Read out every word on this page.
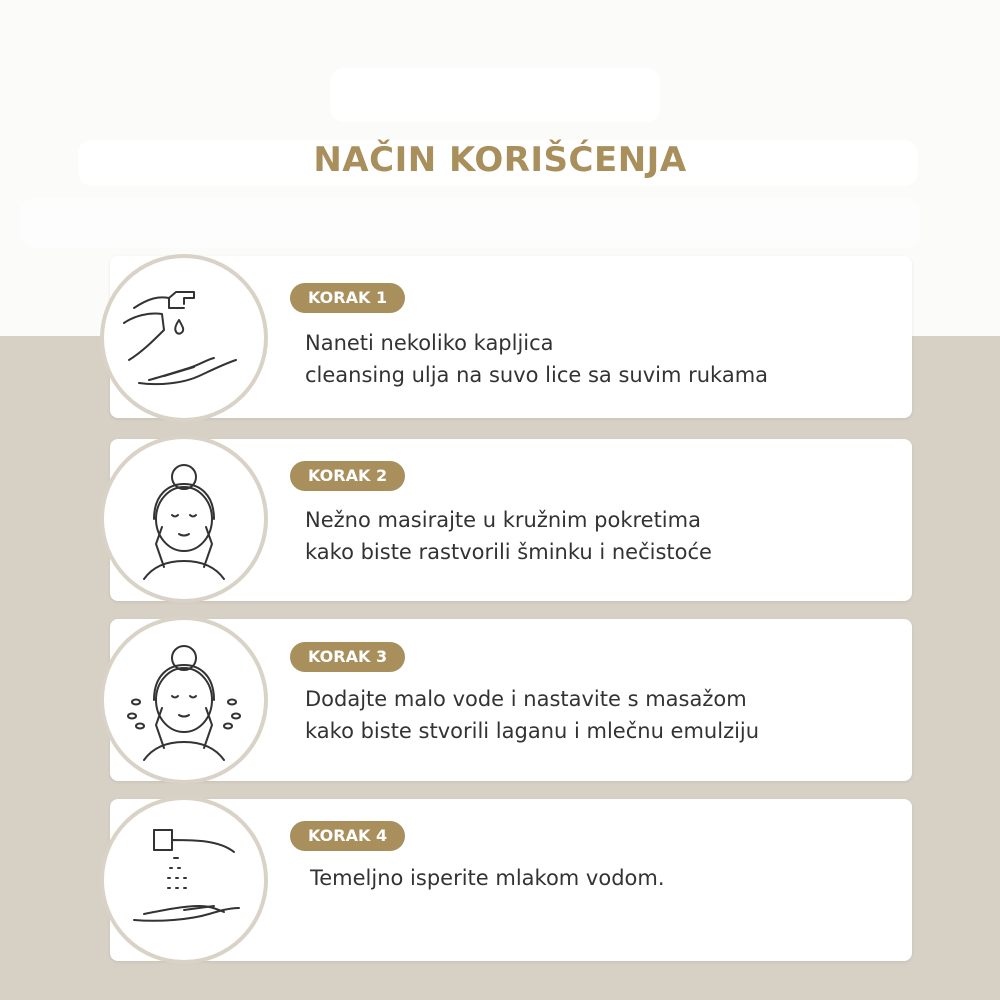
NAČIN KORIŠĆENJA
KORAK 1
Naneti nekoliko kapljica
cleansing ulja na suvo lice sa suvim rukama
KORAK 2
Nežno masirajte u kružnim pokretima
kako biste rastvorili šminku i nečistoće
KORAK 3
Dodajte malo vode i nastavite s masažom
kako biste stvorili laganu i mlečnu emulziju
KORAK 4
Temeljno isperite mlakom vodom.
